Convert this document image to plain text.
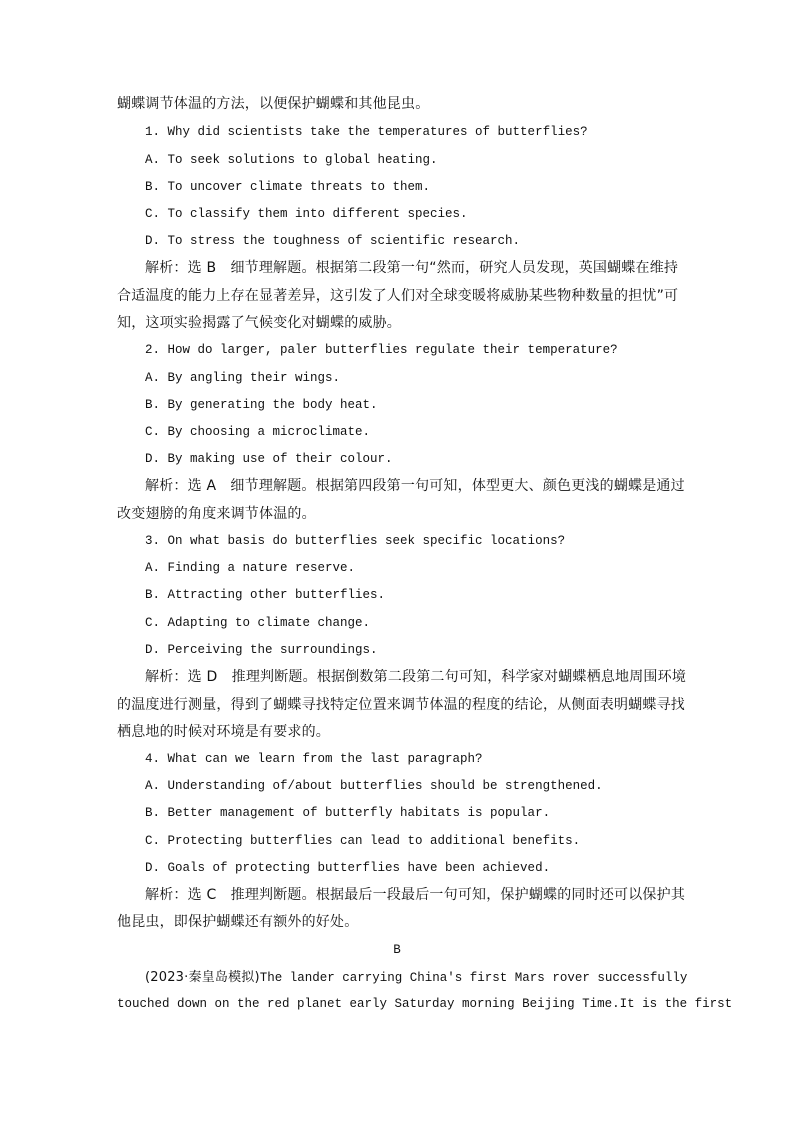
蝴蝶调节体温的方法，以便保护蝴蝶和其他昆虫。
1. Why did scientists take the temperatures of butterflies?
A. To seek solutions to global heating.
B. To uncover climate threats to them.
C. To classify them into different species.
D. To stress the toughness of scientific research.
解析：选 B　细节理解题。根据第二段第一句“然而，研究人员发现，英国蝴蝶在维持
合适温度的能力上存在显著差异，这引发了人们对全球变暖将威胁某些物种数量的担忧”可
知，这项实验揭露了气候变化对蝴蝶的威胁。
2. How do larger, paler butterflies regulate their temperature?
A. By angling their wings.
B. By generating the body heat.
C. By choosing a microclimate.
D. By making use of their colour.
解析：选 A　细节理解题。根据第四段第一句可知，体型更大、颜色更浅的蝴蝶是通过
改变翅膀的角度来调节体温的。
3. On what basis do butterflies seek specific locations?
A. Finding a nature reserve.
B. Attracting other butterflies.
C. Adapting to climate change.
D. Perceiving the surroundings.
解析：选 D　推理判断题。根据倒数第二段第二句可知，科学家对蝴蝶栖息地周围环境
的温度进行测量，得到了蝴蝶寻找特定位置来调节体温的程度的结论，从侧面表明蝴蝶寻找
栖息地的时候对环境是有要求的。
4. What can we learn from the last paragraph?
A. Understanding of/about butterflies should be strengthened.
B. Better management of butterfly habitats is popular.
C. Protecting butterflies can lead to additional benefits.
D. Goals of protecting butterflies have been achieved.
解析：选 C　推理判断题。根据最后一段最后一句可知，保护蝴蝶的同时还可以保护其
他昆虫，即保护蝴蝶还有额外的好处。
B
(2023·秦皇岛模拟)The lander carrying China's first Mars rover successfully
touched down on the red planet early Saturday morning Beijing Time.It is the first
